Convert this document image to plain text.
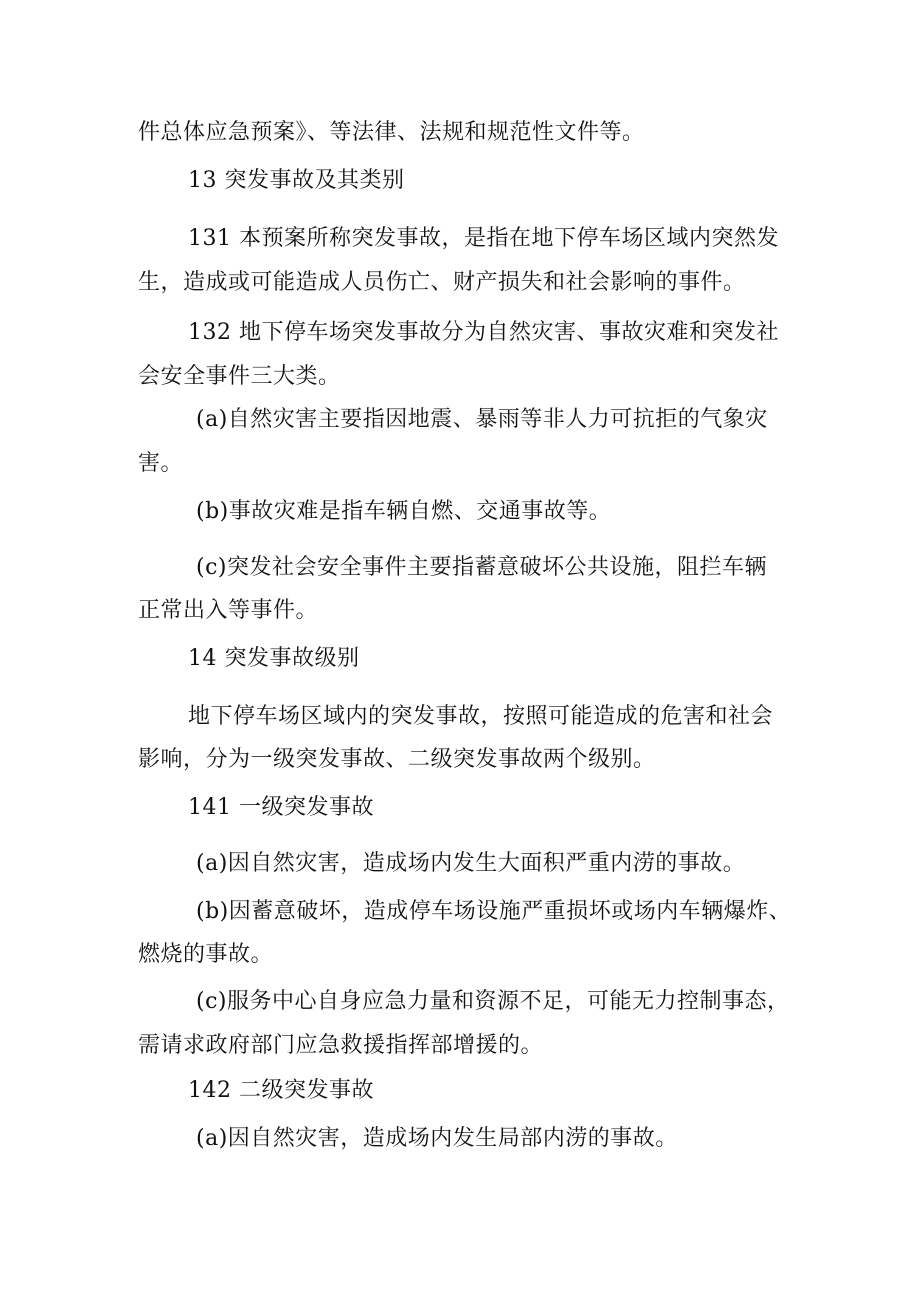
件总体应急预案》、等法律、法规和规范性文件等。
13 突发事故及其类别
131 本预案所称突发事故，是指在地下停车场区域内突然发
生，造成或可能造成人员伤亡、财产损失和社会影响的事件。
132 地下停车场突发事故分为自然灾害、事故灾难和突发社
会安全事件三大类。
(a)自然灾害主要指因地震、暴雨等非人力可抗拒的气象灾
害。
(b)事故灾难是指车辆自燃、交通事故等。
(c)突发社会安全事件主要指蓄意破坏公共设施，阻拦车辆
正常出入等事件。
14 突发事故级别
地下停车场区域内的突发事故，按照可能造成的危害和社会
影响，分为一级突发事故、二级突发事故两个级别。
141 一级突发事故
(a)因自然灾害，造成场内发生大面积严重内涝的事故。
(b)因蓄意破坏，造成停车场设施严重损坏或场内车辆爆炸、
燃烧的事故。
(c)服务中心自身应急力量和资源不足，可能无力控制事态，
需请求政府部门应急救援指挥部增援的。
142 二级突发事故
(a)因自然灾害，造成场内发生局部内涝的事故。
